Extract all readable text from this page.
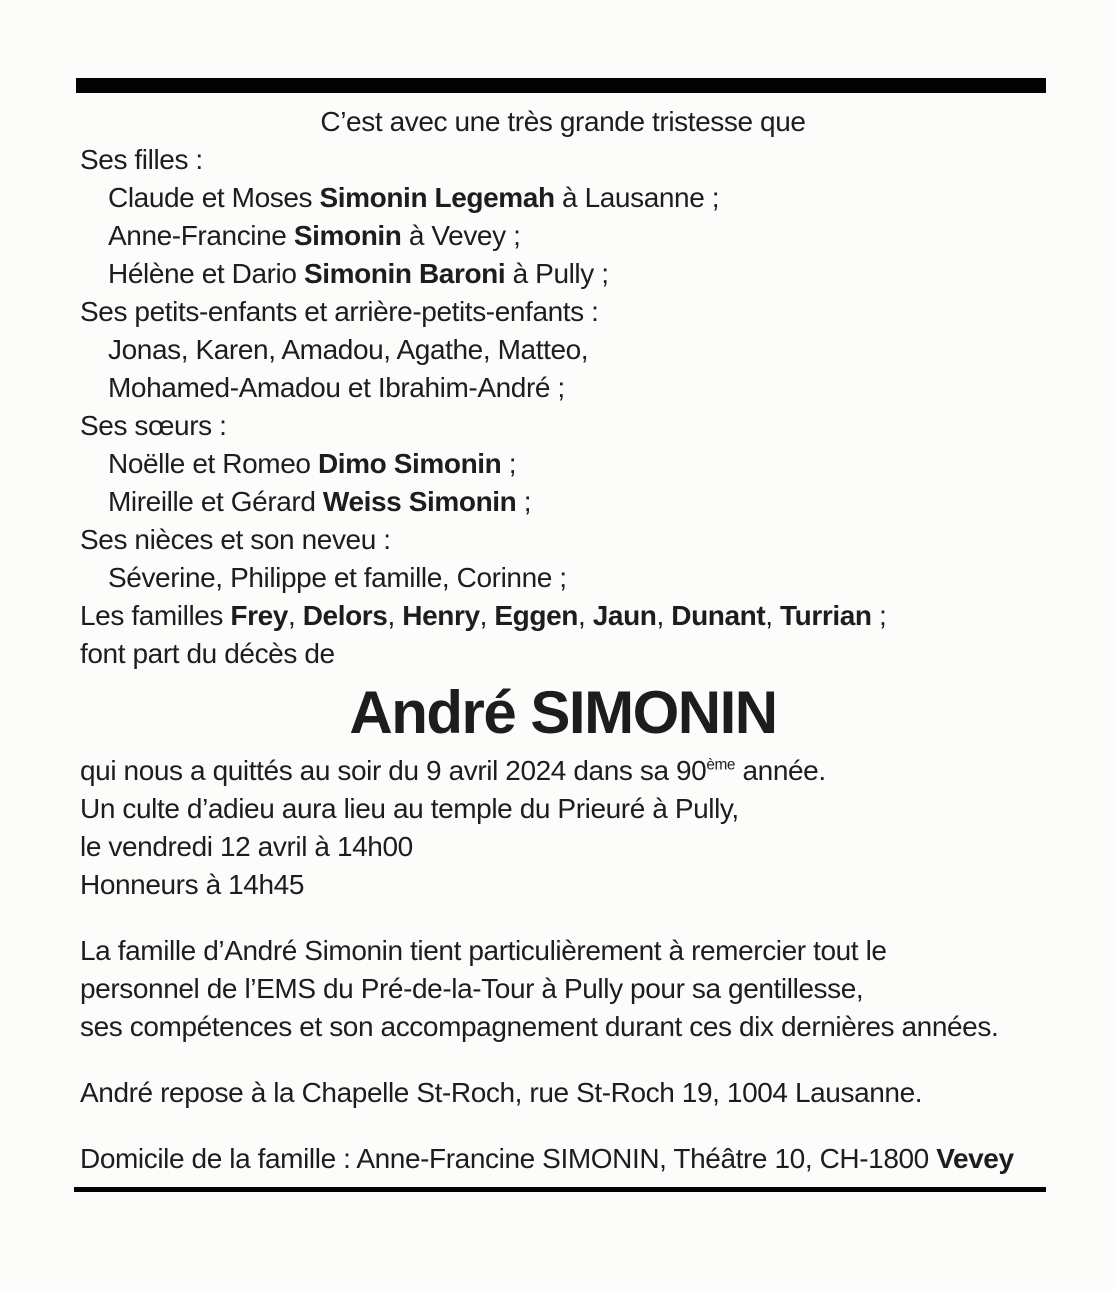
C’est avec une très grande tristesse que
Ses filles :
Claude et Moses Simonin Legemah à Lausanne ;
Anne-Francine Simonin à Vevey ;
Hélène et Dario Simonin Baroni à Pully ;
Ses petits-enfants et arrière-petits-enfants :
Jonas, Karen, Amadou, Agathe, Matteo,
Mohamed-Amadou et Ibrahim-André ;
Ses sœurs :
Noëlle et Romeo Dimo Simonin ;
Mireille et Gérard Weiss Simonin ;
Ses nièces et son neveu :
Séverine, Philippe et famille, Corinne ;
Les familles Frey, Delors, Henry, Eggen, Jaun, Dunant, Turrian ;
font part du décès de
André SIMONIN
qui nous a quittés au soir du 9 avril 2024 dans sa 90ème année.
Un culte d’adieu aura lieu au temple du Prieuré à Pully,
le vendredi 12 avril à 14h00
Honneurs à 14h45
La famille d’André Simonin tient particulièrement à remercier tout le
personnel de l’EMS du Pré-de-la-Tour à Pully pour sa gentillesse,
ses compétences et son accompagnement durant ces dix dernières années.
André repose à la Chapelle St-Roch, rue St-Roch 19, 1004 Lausanne.
Domicile de la famille : Anne-Francine SIMONIN, Théâtre 10, CH-1800 Vevey
